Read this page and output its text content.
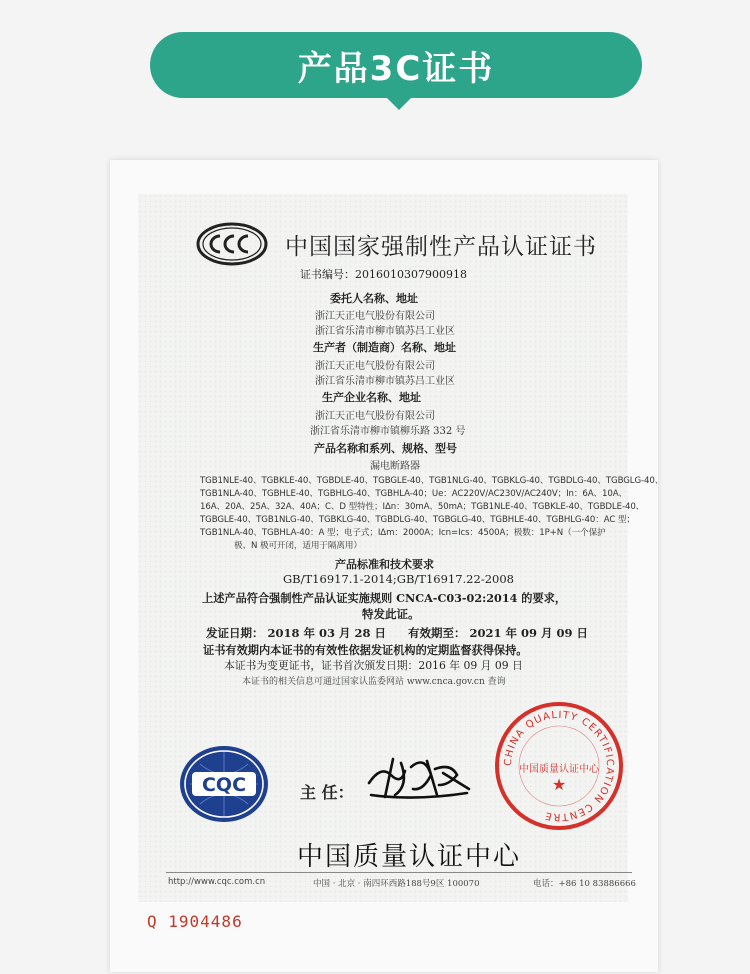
产品3C证书
中国国家强制性产品认证证书
证书编号：2016010307900918
委托人名称、地址
浙江天正电气股份有限公司
浙江省乐清市柳市镇苏吕工业区
生产者（制造商）名称、地址
浙江天正电气股份有限公司
浙江省乐清市柳市镇苏吕工业区
生产企业名称、地址
浙江天正电气股份有限公司
浙江省乐清市柳市镇柳乐路 332 号
产品名称和系列、规格、型号
漏电断路器
TGB1NLE-40、TGBKLE-40、TGBDLE-40、TGBGLE-40、TGB1NLG-40、TGBKLG-40、TGBDLG-40、TGBGLG-40、
TGB1NLA-40、TGBHLE-40、TGBHLG-40、TGBHLA-40；Ue：AC220V/AC230V/AC240V；In：6A、10A、
16A、20A、25A、32A、40A；C、D 型特性；IΔn：30mA、50mA；TGB1NLE-40、TGBKLE-40、TGBDLE-40、
TGBGLE-40、TGB1NLG-40、TGBKLG-40、TGBDLG-40、TGBGLG-40、TGBHLE-40、TGBHLG-40：AC 型；
TGB1NLA-40、TGBHLA-40：A 型；电子式；IΔm：2000A；Icn=Ics：4500A；极数：1P+N（一个保护
极、N 极可开闭，适用于隔离用）
产品标准和技术要求
GB/T16917.1-2014;GB/T16917.22-2008
上述产品符合强制性产品认证实施规则 CNCA-C03-02:2014 的要求，
特发此证。
发证日期： 2018 年 03 月 28 日 有效期至： 2021 年 09 月 09 日
证书有效期内本证书的有效性依据发证机构的定期监督获得保持。
本证书为变更证书，证书首次颁发日期：2016 年 09 月 09 日
本证书的相关信息可通过国家认监委网站 www.cnca.gov.cn 查询
CQC	主 任：
CHINA QUALITY CERTIFICATION CENTRE
中国质量认证中心
★
中国质量认证中心
http://www.cqc.com.cn	中国 · 北京 · 南四环西路188号9区 100070	电话：+86 10 83886666
Q 1904486
